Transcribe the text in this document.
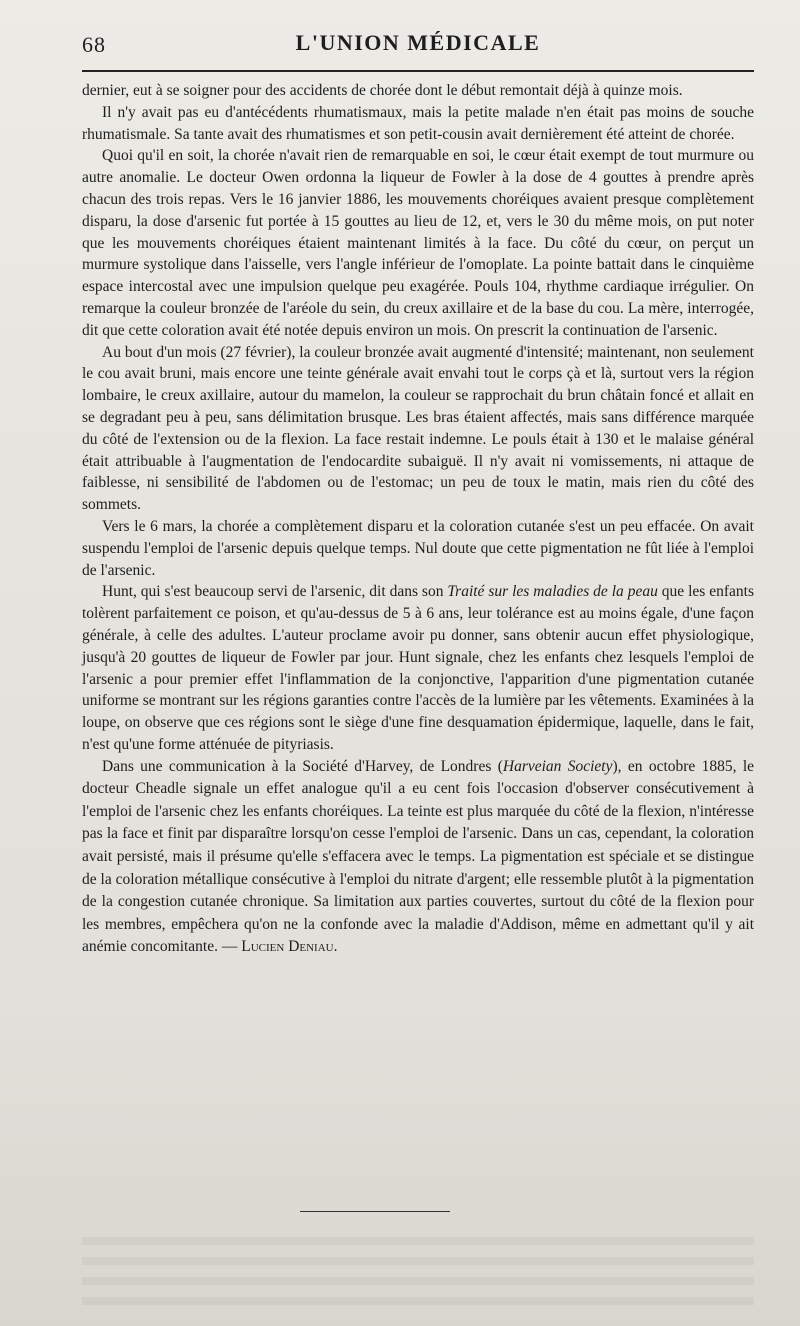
68	L'UNION MÉDICALE

dernier, eut à se soigner pour des accidents de chorée dont le début remontait déjà à quinze mois.

Il n'y avait pas eu d'antécédents rhumatismaux, mais la petite malade n'en était pas moins de souche rhumatismale. Sa tante avait des rhumatismes et son petit-cousin avait dernièrement été atteint de chorée.

Quoi qu'il en soit, la chorée n'avait rien de remarquable en soi, le cœur était exempt de tout murmure ou autre anomalie. Le docteur Owen ordonna la liqueur de Fowler à la dose de 4 gouttes à prendre après chacun des trois repas. Vers le 16 janvier 1886, les mouvements choréiques avaient presque complètement disparu, la dose d'arsenic fut portée à 15 gouttes au lieu de 12, et, vers le 30 du même mois, on put noter que les mouvements choréiques étaient maintenant limités à la face. Du côté du cœur, on perçut un murmure systolique dans l'aisselle, vers l'angle inférieur de l'omoplate. La pointe battait dans le cinquième espace intercostal avec une impulsion quelque peu exagérée. Pouls 104, rhythme cardiaque irrégulier. On remarque la couleur bronzée de l'aréole du sein, du creux axillaire et de la base du cou. La mère, interrogée, dit que cette coloration avait été notée depuis environ un mois. On prescrit la continuation de l'arsenic.

Au bout d'un mois (27 février), la couleur bronzée avait augmenté d'intensité; maintenant, non seulement le cou avait bruni, mais encore une teinte générale avait envahi tout le corps çà et là, surtout vers la région lombaire, le creux axillaire, autour du mamelon, la couleur se rapprochait du brun châtain foncé et allait en se degradant peu à peu, sans délimitation brusque. Les bras étaient affectés, mais sans différence marquée du côté de l'extension ou de la flexion. La face restait indemne. Le pouls était à 130 et le malaise général était attribuable à l'augmentation de l'endocardite subaiguë. Il n'y avait ni vomissements, ni attaque de faiblesse, ni sensibilité de l'abdomen ou de l'estomac; un peu de toux le matin, mais rien du côté des sommets.

Vers le 6 mars, la chorée a complètement disparu et la coloration cutanée s'est un peu effacée. On avait suspendu l'emploi de l'arsenic depuis quelque temps. Nul doute que cette pigmentation ne fût liée à l'emploi de l'arsenic.

Hunt, qui s'est beaucoup servi de l'arsenic, dit dans son Traité sur les maladies de la peau que les enfants tolèrent parfaitement ce poison, et qu'au-dessus de 5 à 6 ans, leur tolérance est au moins égale, d'une façon générale, à celle des adultes. L'auteur proclame avoir pu donner, sans obtenir aucun effet physiologique, jusqu'à 20 gouttes de liqueur de Fowler par jour. Hunt signale, chez les enfants chez lesquels l'emploi de l'arsenic a pour premier effet l'inflammation de la conjonctive, l'apparition d'une pigmentation cutanée uniforme se montrant sur les régions garanties contre l'accès de la lumière par les vêtements. Examinées à la loupe, on observe que ces régions sont le siège d'une fine desquamation épidermique, laquelle, dans le fait, n'est qu'une forme atténuée de pityriasis.

Dans une communication à la Société d'Harvey, de Londres (Harveian Society), en octobre 1885, le docteur Cheadle signale un effet analogue qu'il a eu cent fois l'occasion d'observer consécutivement à l'emploi de l'arsenic chez les enfants choréiques. La teinte est plus marquée du côté de la flexion, n'intéresse pas la face et finit par disparaître lorsqu'on cesse l'emploi de l'arsenic. Dans un cas, cependant, la coloration avait persisté, mais il présume qu'elle s'effacera avec le temps. La pigmentation est spéciale et se distingue de la coloration métallique consécutive à l'emploi du nitrate d'argent; elle ressemble plutôt à la pigmentation de la congestion cutanée chronique. Sa limitation aux parties couvertes, surtout du côté de la flexion pour les membres, empêchera qu'on ne la confonde avec la maladie d'Addison, même en admettant qu'il y ait anémie concomitante. — Lucien Deniau.
